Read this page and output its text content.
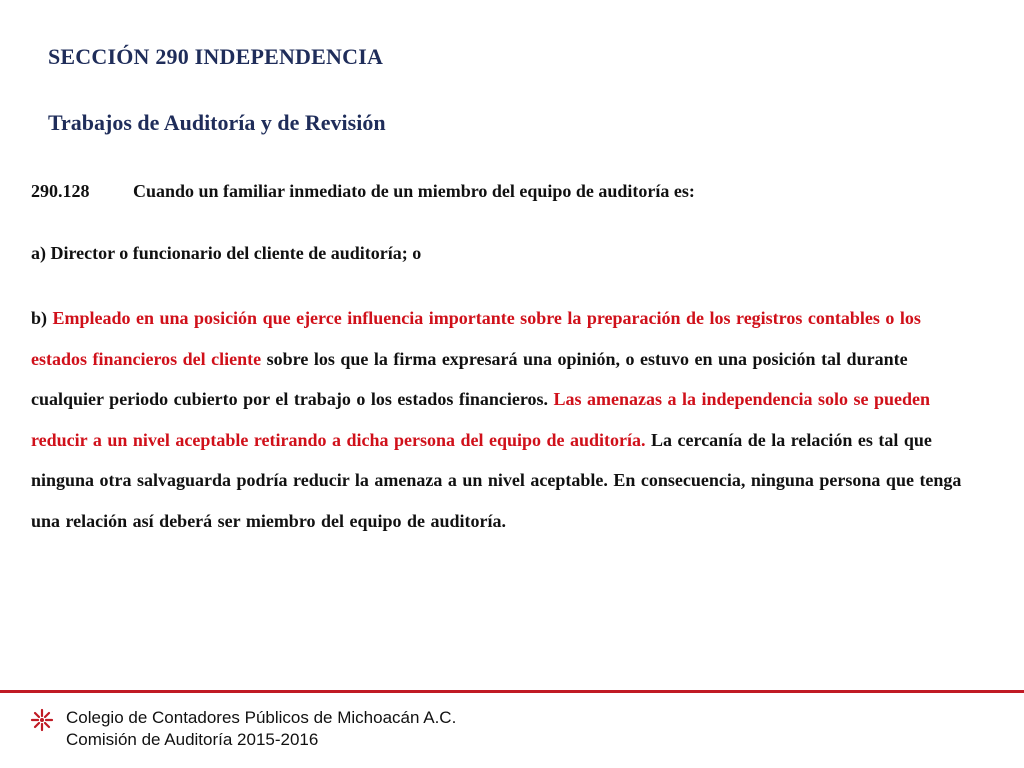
SECCIÓN 290 INDEPENDENCIA
Trabajos de Auditoría y de Revisión

290.128 Cuando un familiar inmediato de un miembro del equipo de auditoría es:

a) Director o funcionario del cliente de auditoría; o

b) Empleado en una posición que ejerce influencia importante sobre la preparación de los registros contables o los estados financieros del cliente sobre los que la firma expresará una opinión, o estuvo en una posición tal durante cualquier periodo cubierto por el trabajo o los estados financieros. Las amenazas a la independencia solo se pueden reducir a un nivel aceptable retirando a dicha persona del equipo de auditoría. La cercanía de la relación es tal que ninguna otra salvaguarda podría reducir la amenaza a un nivel aceptable. En consecuencia, ninguna persona que tenga una relación así deberá ser miembro del equipo de auditoría.

Colegio de Contadores Públicos de Michoacán A.C.
Comisión de Auditoría 2015-2016
